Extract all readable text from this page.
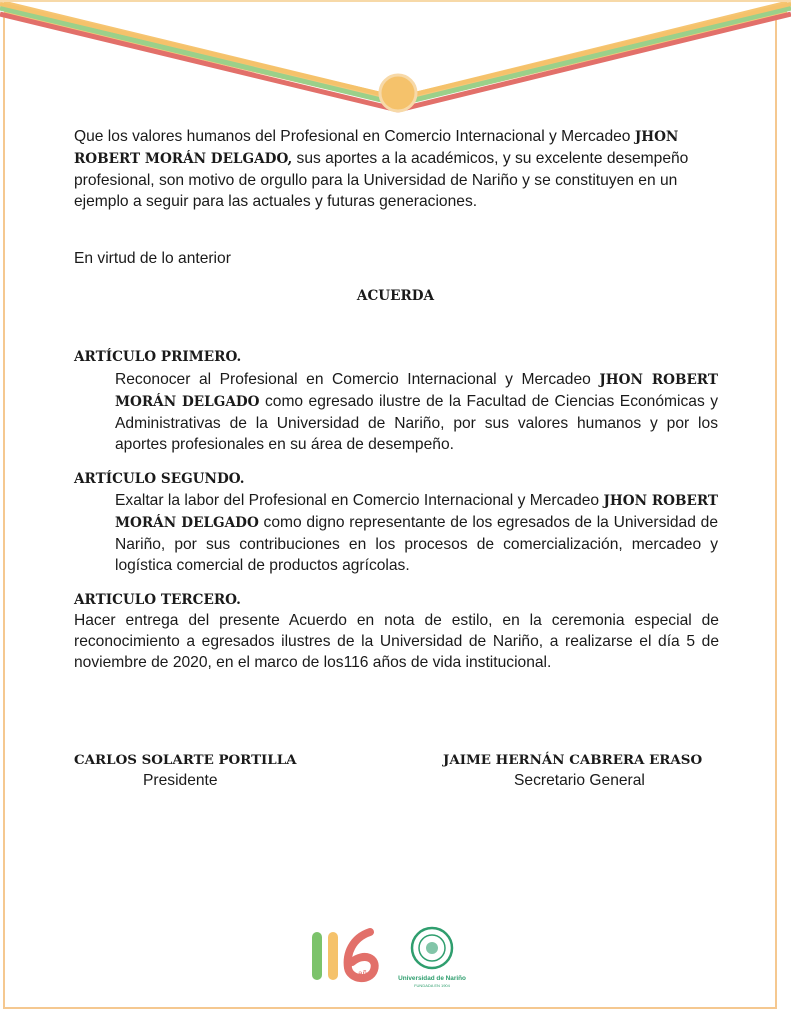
Que los valores humanos del Profesional en Comercio Internacional y Mercadeo JHON ROBERT MORÁN DELGADO, sus aportes a la académicos, y su excelente desempeño profesional, son motivo de orgullo para la Universidad de Nariño y se constituyen en un ejemplo a seguir para las actuales y futuras generaciones.
En virtud de lo anterior
ACUERDA
ARTÍCULO PRIMERO.
Reconocer al Profesional en Comercio Internacional y Mercadeo JHON ROBERT MORÁN DELGADO como egresado ilustre de la Facultad de Ciencias Económicas y Administrativas de la Universidad de Nariño, por sus valores humanos y por los aportes profesionales en su área de desempeño.
ARTÍCULO SEGUNDO.
Exaltar la labor del Profesional en Comercio Internacional y Mercadeo JHON ROBERT MORÁN DELGADO como digno representante de los egresados de la Universidad de Nariño, por sus contribuciones en los procesos de comercialización, mercadeo y logística comercial de productos agrícolas.
ARTICULO TERCERO.
Hacer entrega del presente Acuerdo en nota de estilo, en la ceremonia especial de reconocimiento a egresados ilustres de la Universidad de Nariño, a realizarse el día 5 de noviembre de 2020, en el marco de los116 años de vida institucional.
CARLOS SOLARTE PORTILLA
Presidente
JAIME HERNÁN CABRERA ERASO
Secretario General
años
Universidad de Nariño
FUNDADA EN 1904
